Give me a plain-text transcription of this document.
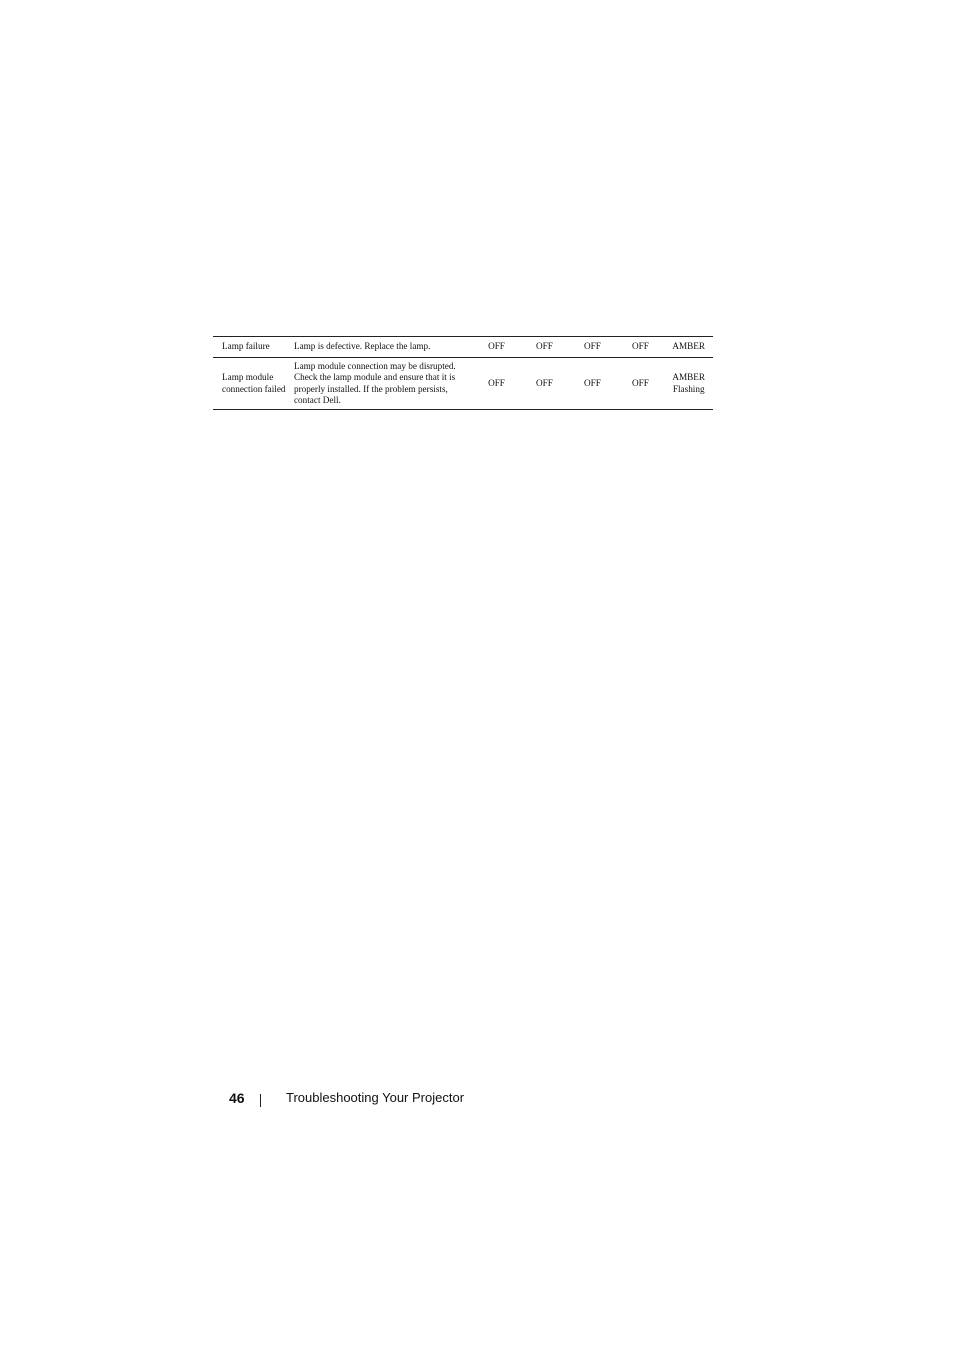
Lamp failure	Lamp is defective. Replace the lamp.	OFF	OFF	OFF	OFF	AMBER

Lamp module connection failed	Lamp module connection may be disrupted. Check the lamp module and ensure that it is properly installed. If the problem persists, contact Dell.	OFF	OFF	OFF	OFF	AMBER Flashing
46	Troubleshooting Your Projector
